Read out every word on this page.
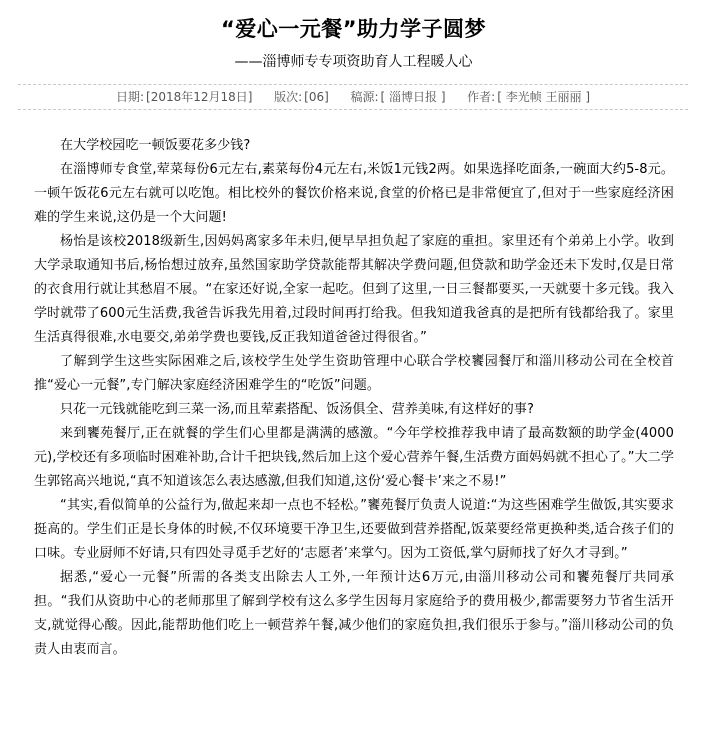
“爱心一元餐”助力学子圆梦
——淄博师专专项资助育人工程暖人心
日期: [2018年12月18日] 版次: [06] 稿源: [ 淄博日报 ] 作者: [ 李光帧 王丽丽 ]

在大学校园吃一顿饭要花多少钱?

在淄博师专食堂,荤菜每份6元左右,素菜每份4元左右,米饭1元钱2两。如果选择吃面条,一碗面大约5-8元。一顿午饭花6元左右就可以吃饱。相比校外的餐饮价格来说,食堂的价格已是非常便宜了,但对于一些家庭经济困难的学生来说,这仍是一个大问题!

杨怡是该校2018级新生,因妈妈离家多年未归,便早早担负起了家庭的重担。家里还有个弟弟上小学。收到大学录取通知书后,杨怡想过放弃,虽然国家助学贷款能帮其解决学费问题,但贷款和助学金还未下发时,仅是日常的衣食用行就让其愁眉不展。“在家还好说,全家一起吃。但到了这里,一日三餐都要买,一天就要十多元钱。我入学时就带了600元生活费,我爸告诉我先用着,过段时间再打给我。但我知道我爸真的是把所有钱都给我了。家里生活真得很难,水电要交,弟弟学费也要钱,反正我知道爸爸过得很省。”

了解到学生这些实际困难之后,该校学生处学生资助管理中心联合学校饔园餐厅和淄川移动公司在全校首推“爱心一元餐”,专门解决家庭经济困难学生的“吃饭”问题。

只花一元钱就能吃到三菜一汤,而且荤素搭配、饭汤俱全、营养美味,有这样好的事?

来到饔苑餐厅,正在就餐的学生们心里都是满满的感激。“今年学校推荐我申请了最高数额的助学金(4000元),学校还有多项临时困难补助,合计千把块钱,然后加上这个爱心营养午餐,生活费方面妈妈就不担心了。”大二学生郭铭高兴地说,“真不知道该怎么表达感激,但我们知道,这份‘爱心餐卡’来之不易!”

“其实,看似简单的公益行为,做起来却一点也不轻松。”饔苑餐厅负责人说道:“为这些困难学生做饭,其实要求挺高的。学生们正是长身体的时候,不仅环境要干净卫生,还要做到营养搭配,饭菜要经常更换种类,适合孩子们的口味。专业厨师不好请,只有四处寻觅手艺好的‘志愿者’来掌勺。因为工资低,掌勺厨师找了好久才寻到。”

据悉,“爱心一元餐”所需的各类支出除去人工外,一年预计达6万元,由淄川移动公司和饔苑餐厅共同承担。“我们从资助中心的老师那里了解到学校有这么多学生因每月家庭给予的费用极少,都需要努力节省生活开支,就觉得心酸。因此,能帮助他们吃上一顿营养午餐,减少他们的家庭负担,我们很乐于参与。”淄川移动公司的负责人由衷而言。
